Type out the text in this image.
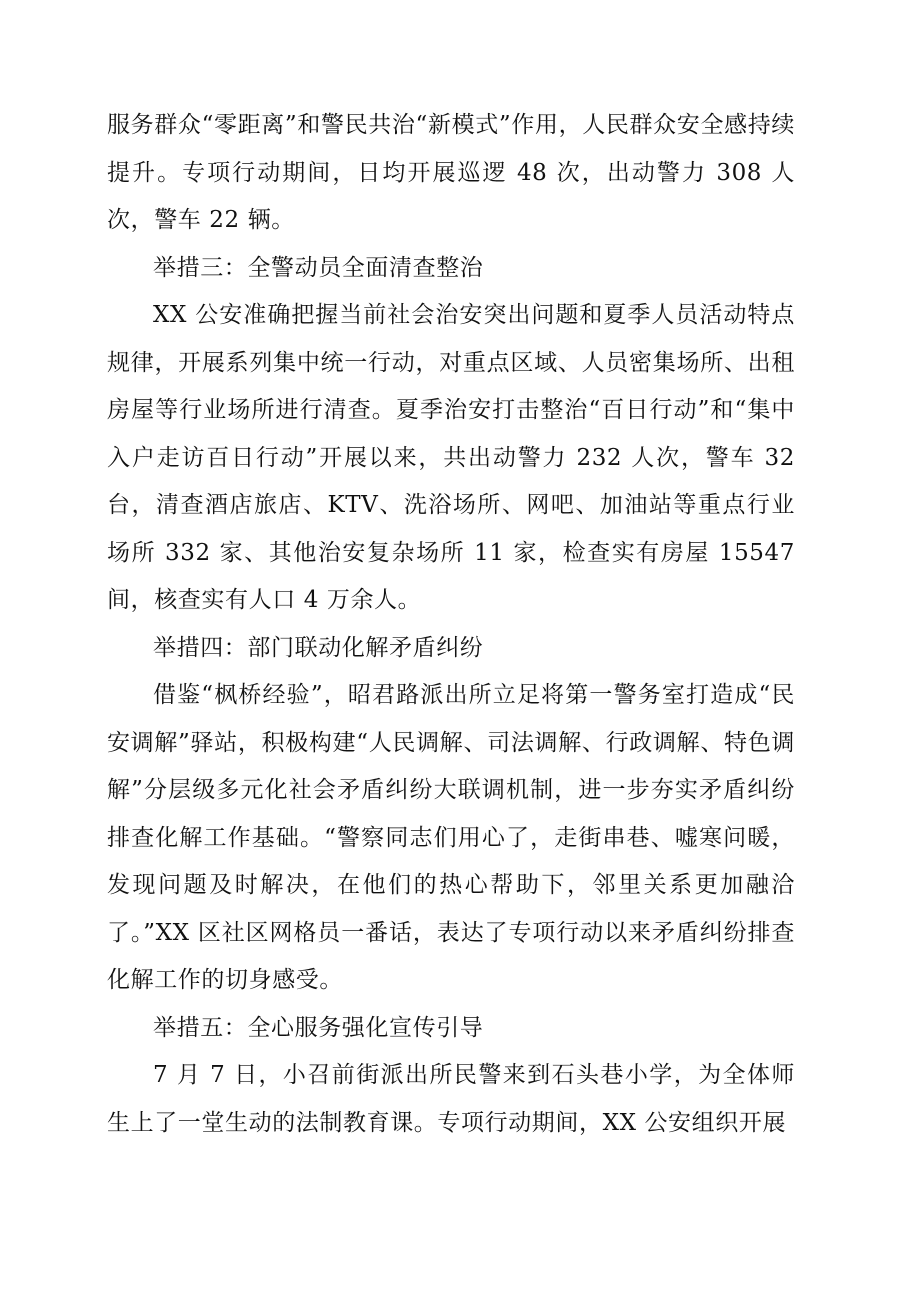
服务群众“零距离”和警民共治“新模式”作用，人民群众安全感持续提升。专项行动期间，日均开展巡逻 48 次，出动警力 308 人次，警车 22 辆。

举措三：全警动员全面清查整治

XX 公安准确把握当前社会治安突出问题和夏季人员活动特点规律，开展系列集中统一行动，对重点区域、人员密集场所、出租房屋等行业场所进行清查。夏季治安打击整治“百日行动”和“集中入户走访百日行动”开展以来，共出动警力 232 人次，警车 32 台，清查酒店旅店、KTV、洗浴场所、网吧、加油站等重点行业场所 332 家、其他治安复杂场所 11 家，检查实有房屋 15547 间，核查实有人口 4 万余人。

举措四：部门联动化解矛盾纠纷

借鉴“枫桥经验”，昭君路派出所立足将第一警务室打造成“民安调解”驿站，积极构建“人民调解、司法调解、行政调解、特色调解”分层级多元化社会矛盾纠纷大联调机制，进一步夯实矛盾纠纷排查化解工作基础。“警察同志们用心了，走街串巷、嘘寒问暖，发现问题及时解决，在他们的热心帮助下，邻里关系更加融洽了。”XX 区社区网格员一番话，表达了专项行动以来矛盾纠纷排查化解工作的切身感受。

举措五：全心服务强化宣传引导

7 月 7 日，小召前街派出所民警来到石头巷小学，为全体师生上了一堂生动的法制教育课。专项行动期间，XX 公安组织开展
